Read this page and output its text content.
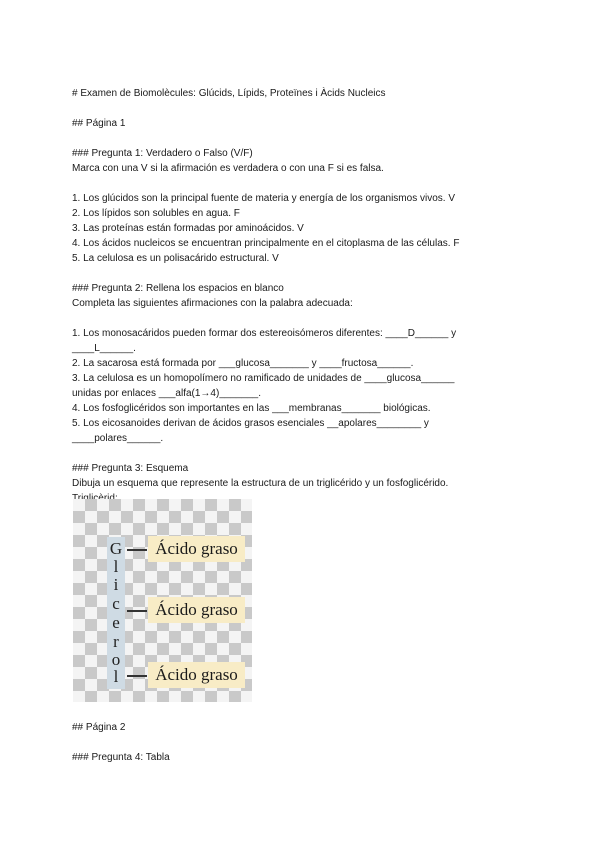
# Examen de Biomolècules: Glúcids, Lípids, Proteïnes i Àcids Nucleics
## Página 1
### Pregunta 1: Verdadero o Falso (V/F)
Marca con una V si la afirmación es verdadera o con una F si es falsa.
1. Los glúcidos son la principal fuente de materia y energía de los organismos vivos. V
2. Los lípidos son solubles en agua. F
3. Las proteínas están formadas por aminoácidos. V
4. Los ácidos nucleicos se encuentran principalmente en el citoplasma de las células. F
5. La celulosa es un polisacárido estructural. V
### Pregunta 2: Rellena los espacios en blanco
Completa las siguientes afirmaciones con la palabra adecuada:
1. Los monosacáridos pueden formar dos estereoisómeros diferentes: ____D______ y
____L______.
2. La sacarosa está formada por ___glucosa_______ y ____fructosa______.
3. La celulosa es un homopolímero no ramificado de unidades de ____glucosa______
unidas por enlaces ___alfa(1→4)_______.
4. Los fosfoglicéridos son importantes en las ___membranas_______ biológicas.
5. Los eicosanoides derivan de ácidos grasos esenciales __apolares________ y
____polares______.
### Pregunta 3: Esquema
Dibuja un esquema que represente la estructura de un triglicérido y un fosfoglicérido.
G
l
i
c
e
r
o
l
Ácido graso
Ácido graso
Ácido graso
## Página 2
### Pregunta 4: Tabla
